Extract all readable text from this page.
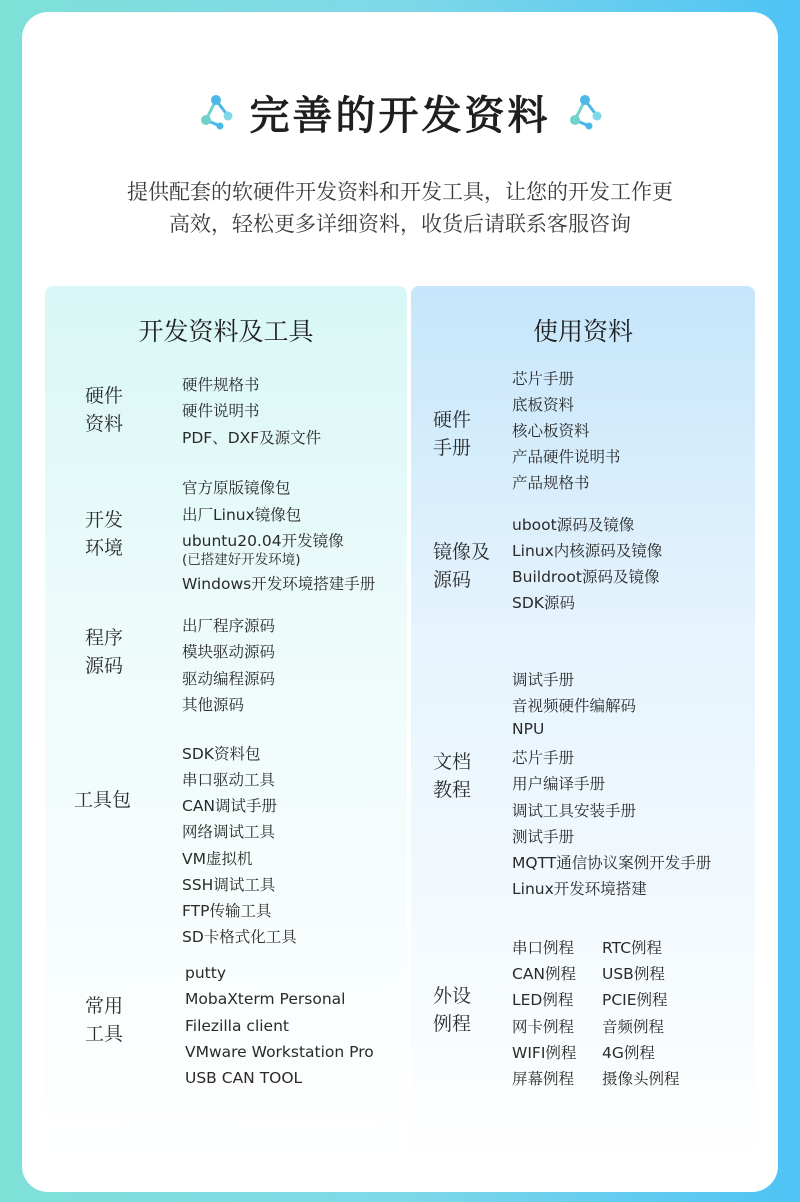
完善的开发资料
提供配套的软硬件开发资料和开发工具，让您的开发工作更
高效，轻松更多详细资料，收货后请联系客服咨询
开发资料及工具
硬件
资料
硬件规格书
硬件说明书
PDF、DXF及源文件
开发
环境
官方原版镜像包
出厂Linux镜像包
ubuntu20.04开发镜像
(已搭建好开发环境)
Windows开发环境搭建手册
程序
源码
出厂程序源码
模块驱动源码
驱动编程源码
其他源码
工具包
SDK资料包
串口驱动工具
CAN调试手册
网络调试工具
VM虚拟机
SSH调试工具
FTP传输工具
SD卡格式化工具
常用
工具
putty
MobaXterm Personal
Filezilla client
VMware Workstation Pro
USB CAN TOOL
使用资料
硬件
手册
芯片手册
底板资料
核心板资料
产品硬件说明书
产品规格书
镜像及
源码
uboot源码及镜像
Linux内核源码及镜像
Buildroot源码及镜像
SDK源码
文档
教程
调试手册
音视频硬件编解码
NPU
芯片手册
用户编译手册
调试工具安装手册
测试手册
MQTT通信协议案例开发手册
Linux开发环境搭建
外设
例程
串口例程
CAN例程
LED例程
网卡例程
WIFI例程
屏幕例程
RTC例程
USB例程
PCIE例程
音频例程
4G例程
摄像头例程
